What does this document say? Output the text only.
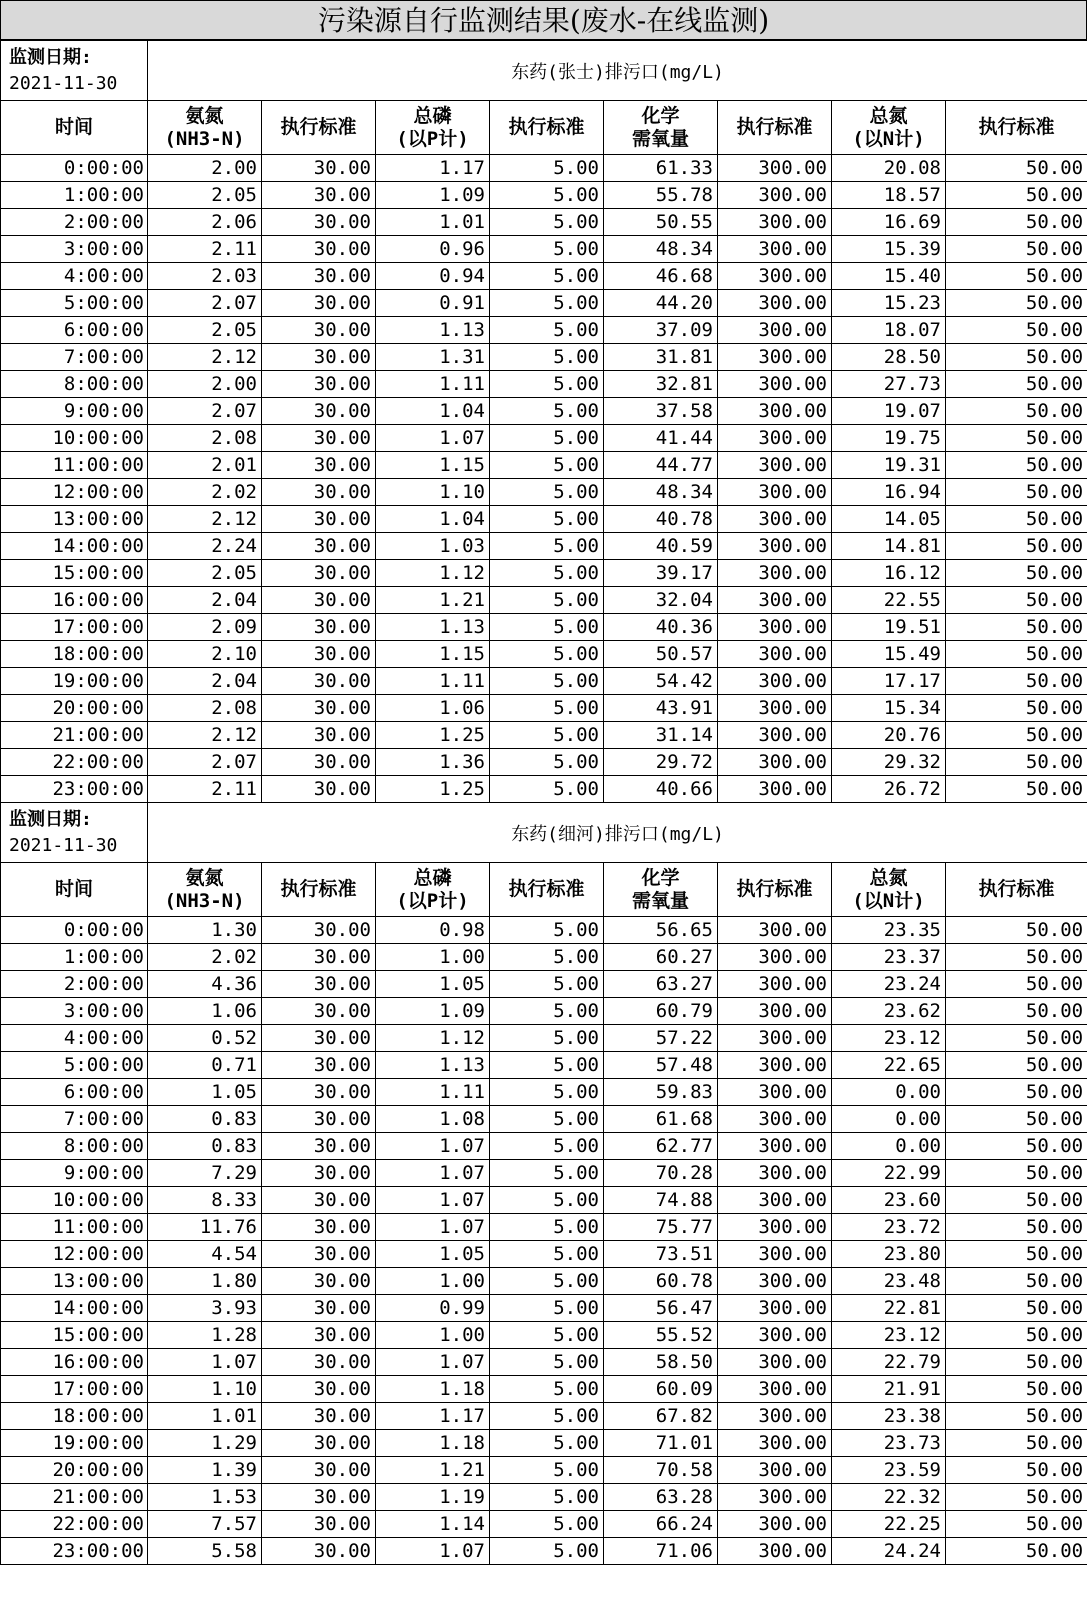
污染源自行监测结果(废水-在线监测)
监测日期:
2021-11-30	东药(张士)排污口(mg/L)							

时间	氨氮
(NH3-N)	执行标准	总磷
(以P计)	执行标准	化学
需氧量	执行标准	总氮
(以N计)	执行标准

0:00:00	2.00	30.00	1.17	5.00	61.33	300.00	20.08	50.00
1:00:00	2.05	30.00	1.09	5.00	55.78	300.00	18.57	50.00
2:00:00	2.06	30.00	1.01	5.00	50.55	300.00	16.69	50.00
3:00:00	2.11	30.00	0.96	5.00	48.34	300.00	15.39	50.00
4:00:00	2.03	30.00	0.94	5.00	46.68	300.00	15.40	50.00
5:00:00	2.07	30.00	0.91	5.00	44.20	300.00	15.23	50.00
6:00:00	2.05	30.00	1.13	5.00	37.09	300.00	18.07	50.00
7:00:00	2.12	30.00	1.31	5.00	31.81	300.00	28.50	50.00
8:00:00	2.00	30.00	1.11	5.00	32.81	300.00	27.73	50.00
9:00:00	2.07	30.00	1.04	5.00	37.58	300.00	19.07	50.00
10:00:00	2.08	30.00	1.07	5.00	41.44	300.00	19.75	50.00
11:00:00	2.01	30.00	1.15	5.00	44.77	300.00	19.31	50.00
12:00:00	2.02	30.00	1.10	5.00	48.34	300.00	16.94	50.00
13:00:00	2.12	30.00	1.04	5.00	40.78	300.00	14.05	50.00
14:00:00	2.24	30.00	1.03	5.00	40.59	300.00	14.81	50.00
15:00:00	2.05	30.00	1.12	5.00	39.17	300.00	16.12	50.00
16:00:00	2.04	30.00	1.21	5.00	32.04	300.00	22.55	50.00
17:00:00	2.09	30.00	1.13	5.00	40.36	300.00	19.51	50.00
18:00:00	2.10	30.00	1.15	5.00	50.57	300.00	15.49	50.00
19:00:00	2.04	30.00	1.11	5.00	54.42	300.00	17.17	50.00
20:00:00	2.08	30.00	1.06	5.00	43.91	300.00	15.34	50.00
21:00:00	2.12	30.00	1.25	5.00	31.14	300.00	20.76	50.00
22:00:00	2.07	30.00	1.36	5.00	29.72	300.00	29.32	50.00
23:00:00	2.11	30.00	1.25	5.00	40.66	300.00	26.72	50.00

监测日期:
2021-11-30	东药(细河)排污口(mg/L)							

时间	氨氮
(NH3-N)	执行标准	总磷
(以P计)	执行标准	化学
需氧量	执行标准	总氮
(以N计)	执行标准

0:00:00	1.30	30.00	0.98	5.00	56.65	300.00	23.35	50.00
1:00:00	2.02	30.00	1.00	5.00	60.27	300.00	23.37	50.00
2:00:00	4.36	30.00	1.05	5.00	63.27	300.00	23.24	50.00
3:00:00	1.06	30.00	1.09	5.00	60.79	300.00	23.62	50.00
4:00:00	0.52	30.00	1.12	5.00	57.22	300.00	23.12	50.00
5:00:00	0.71	30.00	1.13	5.00	57.48	300.00	22.65	50.00
6:00:00	1.05	30.00	1.11	5.00	59.83	300.00	0.00	50.00
7:00:00	0.83	30.00	1.08	5.00	61.68	300.00	0.00	50.00
8:00:00	0.83	30.00	1.07	5.00	62.77	300.00	0.00	50.00
9:00:00	7.29	30.00	1.07	5.00	70.28	300.00	22.99	50.00
10:00:00	8.33	30.00	1.07	5.00	74.88	300.00	23.60	50.00
11:00:00	11.76	30.00	1.07	5.00	75.77	300.00	23.72	50.00
12:00:00	4.54	30.00	1.05	5.00	73.51	300.00	23.80	50.00
13:00:00	1.80	30.00	1.00	5.00	60.78	300.00	23.48	50.00
14:00:00	3.93	30.00	0.99	5.00	56.47	300.00	22.81	50.00
15:00:00	1.28	30.00	1.00	5.00	55.52	300.00	23.12	50.00
16:00:00	1.07	30.00	1.07	5.00	58.50	300.00	22.79	50.00
17:00:00	1.10	30.00	1.18	5.00	60.09	300.00	21.91	50.00
18:00:00	1.01	30.00	1.17	5.00	67.82	300.00	23.38	50.00
19:00:00	1.29	30.00	1.18	5.00	71.01	300.00	23.73	50.00
20:00:00	1.39	30.00	1.21	5.00	70.58	300.00	23.59	50.00
21:00:00	1.53	30.00	1.19	5.00	63.28	300.00	22.32	50.00
22:00:00	7.57	30.00	1.14	5.00	66.24	300.00	22.25	50.00
23:00:00	5.58	30.00	1.07	5.00	71.06	300.00	24.24	50.00
